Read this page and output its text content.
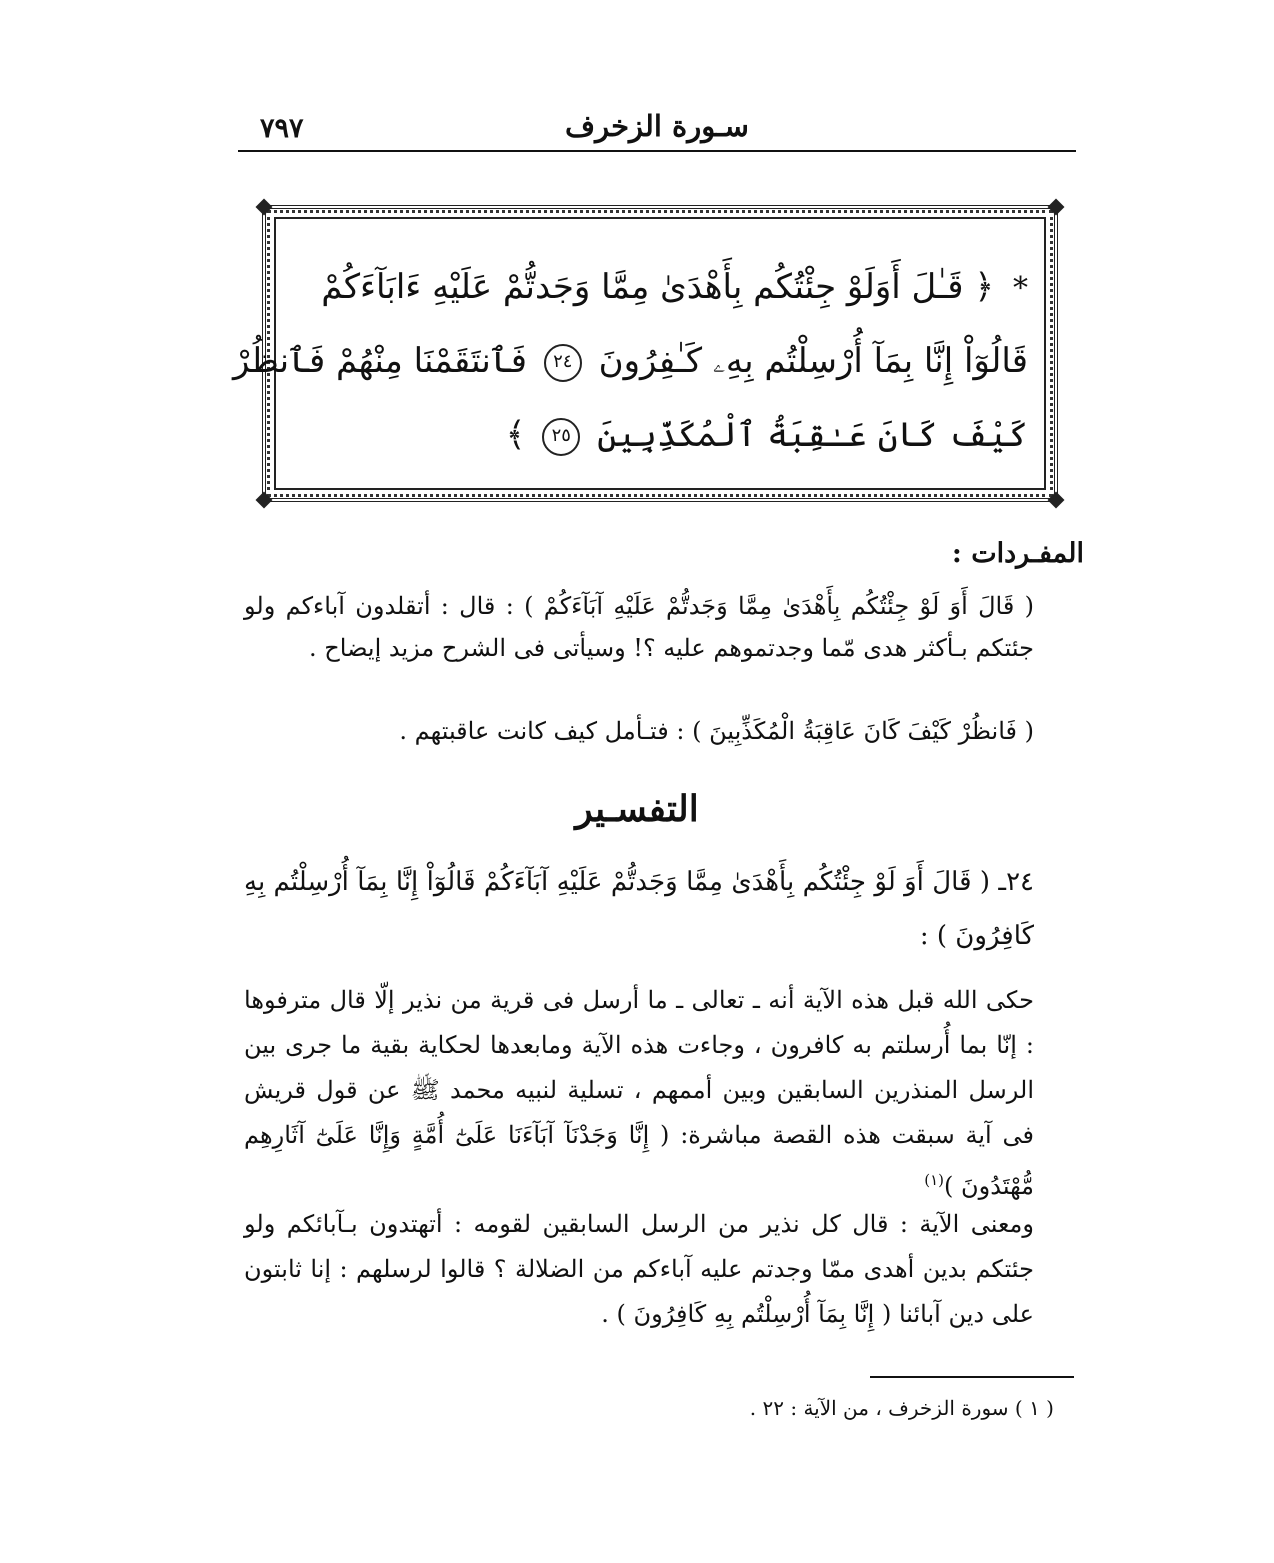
٧٩٧	سـورة الزخرف
* ﴿ قَـٰلَ أَوَلَوْ جِئْتُكُم بِأَهْدَىٰ مِمَّا وَجَدتُّمْ عَلَيْهِ ءَابَآءَكُمْ
قَالُوٓاْ إِنَّا بِمَآ أُرْسِلْتُم بِهِۦ كَـٰفِرُونَ ٢٤ فَٱنتَقَمْنَا مِنْهُمْ فَٱنظُرْ
كَيْفَ كَانَ عَـٰقِبَةُ ٱلْمُكَذِّبِينَ ٢٥ ﴾
المفـردات :
( قَالَ أَوَ لَوْ جِئْتُكُم بِأَهْدَىٰ مِمَّا وَجَدتُّمْ عَلَيْهِ آبَآءَكُمْ ) : قال : أتقلدون آباءكم ولو جئتكم بـأكثر هدى مّما وجدتموهم عليه ؟! وسيأتى فى الشرح مزيد إيضاح .
( فَانظُرْ كَيْفَ كَانَ عَاقِبَةُ الْمُكَذِّبِينَ ) : فتـأمل كيف كانت عاقبتهم .
التفسـير
٢٤ـ ( قَالَ أَوَ لَوْ جِئْتُكُم بِأَهْدَىٰ مِمَّا وَجَدتُّمْ عَلَيْهِ آبَآءَكُمْ قَالُوٓاْ إِنَّا بِمَآ أُرْسِلْتُم بِهِ كَافِرُونَ ) :
حكى الله قبل هذه الآية أنه ـ تعالى ـ ما أرسل فى قرية من نذير إلّا قال مترفوها : إنّا بما أُرسلتم به كافرون ، وجاءت هذه الآية ومابعدها لحكاية بقية ما جرى بين الرسل المنذرين السابقين وبين أممهم ، تسلية لنبيه محمد ﷺ عن قول قريش فى آية سبقت هذه القصة مباشرة: ( إِنَّا وَجَدْنَآ آبَآءَنَا عَلَىٰٓ أُمَّةٍ وَإِنَّا عَلَىٰٓ آثَارِهِم مُّهْتَدُونَ )$^{(١)}$
ومعنى الآية : قال كل نذير من الرسل السابقين لقومه : أتهتدون بـآبائكم ولو جئتكم بدين أهدى ممّا وجدتم عليه آباءكم من الضلالة ؟ قالوا لرسلهم : إنا ثابتون على دين آبائنا ( إِنَّا بِمَآ أُرْسِلْتُم بِهِ كَافِرُونَ ) .
( ١ ) سورة الزخرف ، من الآية : ٢٢ .
